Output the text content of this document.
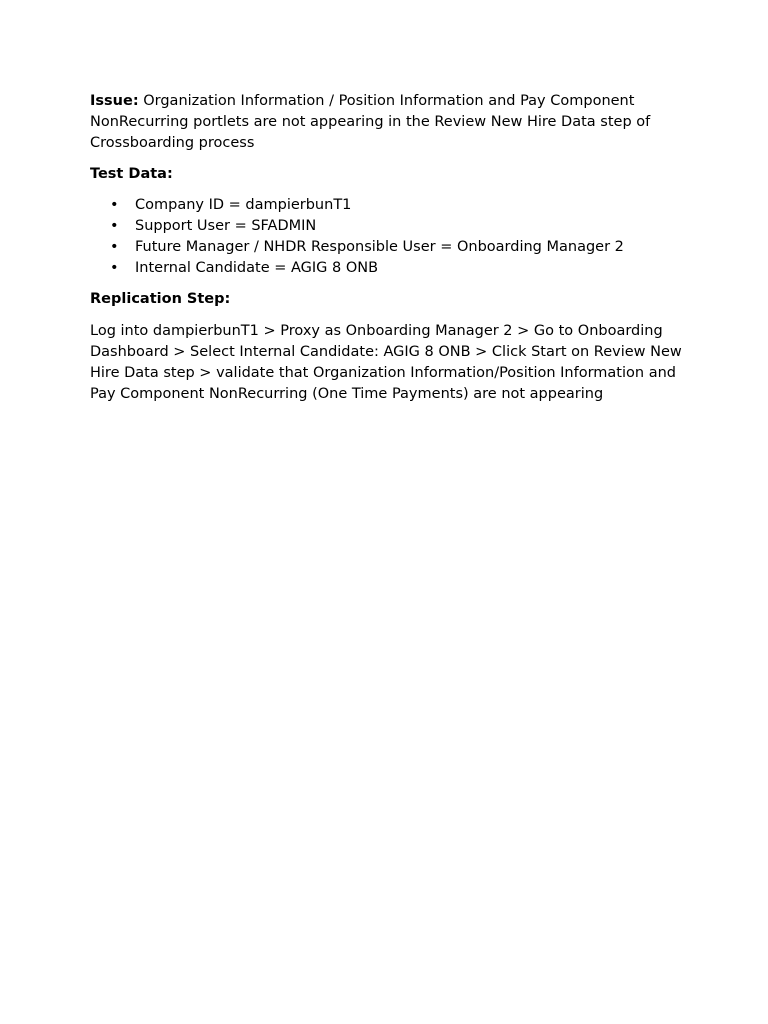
Issue: Organization Information / Position Information and Pay Component NonRecurring portlets are not appearing in the Review New Hire Data step of Crossboarding process

Test Data:

• Company ID = dampierbunT1
• Support User = SFADMIN
• Future Manager / NHDR Responsible User = Onboarding Manager 2
• Internal Candidate = AGIG 8 ONB

Replication Step:

Log into dampierbunT1 > Proxy as Onboarding Manager 2 > Go to Onboarding Dashboard > Select Internal Candidate: AGIG 8 ONB > Click Start on Review New Hire Data step > validate that Organization Information/Position Information and Pay Component NonRecurring (One Time Payments) are not appearing
